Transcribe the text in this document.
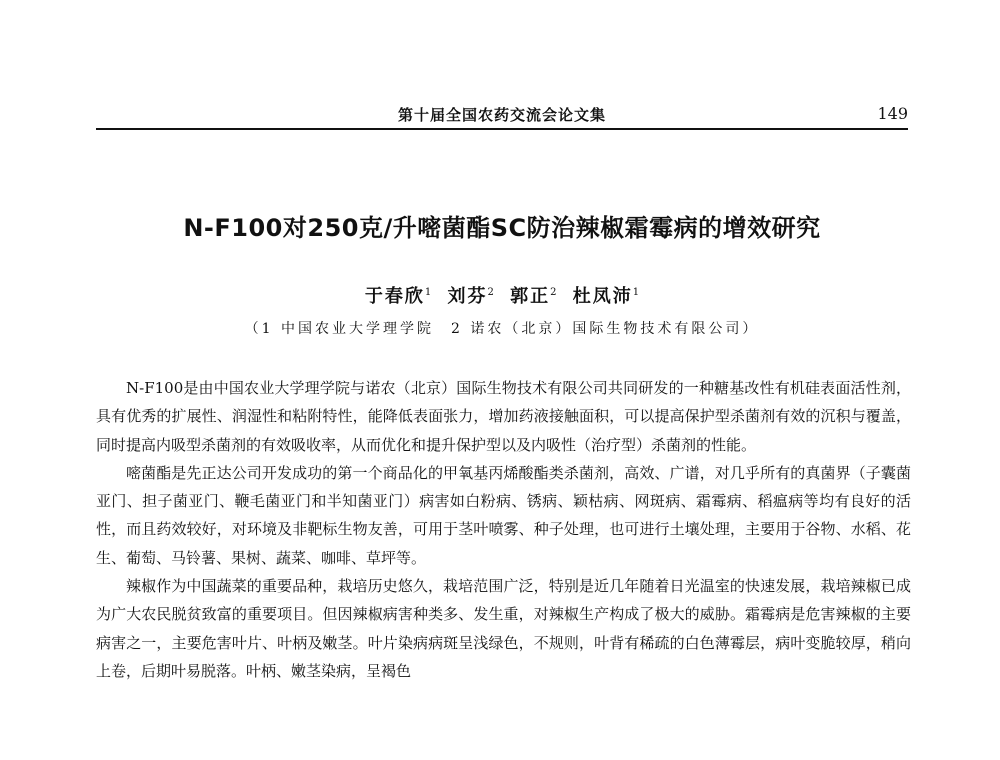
第十届全国农药交流会论文集	149
N-F100对250克/升嘧菌酯SC防治辣椒霜霉病的增效研究
于春欣$^1$ 刘芬$^2$ 郭正$^2$ 杜凤沛$^1$
（1 中国农业大学理学院　2 诺农（北京）国际生物技术有限公司）

N-F100是由中国农业大学理学院与诺农（北京）国际生物技术有限公司共同研发的一种糖基改性有机硅表面活性剂，具有优秀的扩展性、润湿性和粘附特性，能降低表面张力，增加药液接触面积，可以提高保护型杀菌剂有效的沉积与覆盖，同时提高内吸型杀菌剂的有效吸收率，从而优化和提升保护型以及内吸性（治疗型）杀菌剂的性能。

嘧菌酯是先正达公司开发成功的第一个商品化的甲氧基丙烯酸酯类杀菌剂，高效、广谱，对几乎所有的真菌界（子囊菌亚门、担子菌亚门、鞭毛菌亚门和半知菌亚门）病害如白粉病、锈病、颖枯病、网斑病、霜霉病、稻瘟病等均有良好的活性，而且药效较好，对环境及非靶标生物友善，可用于茎叶喷雾、种子处理，也可进行土壤处理，主要用于谷物、水稻、花生、葡萄、马铃薯、果树、蔬菜、咖啡、草坪等。

辣椒作为中国蔬菜的重要品种，栽培历史悠久，栽培范围广泛，特别是近几年随着日光温室的快速发展，栽培辣椒已成为广大农民脱贫致富的重要项目。但因辣椒病害种类多、发生重，对辣椒生产构成了极大的威胁。霜霉病是危害辣椒的主要病害之一，主要危害叶片、叶柄及嫩茎。叶片染病病斑呈浅绿色，不规则，叶背有稀疏的白色薄霉层，病叶变脆较厚，稍向上卷，后期叶易脱落。叶柄、嫩茎染病，呈褐色
